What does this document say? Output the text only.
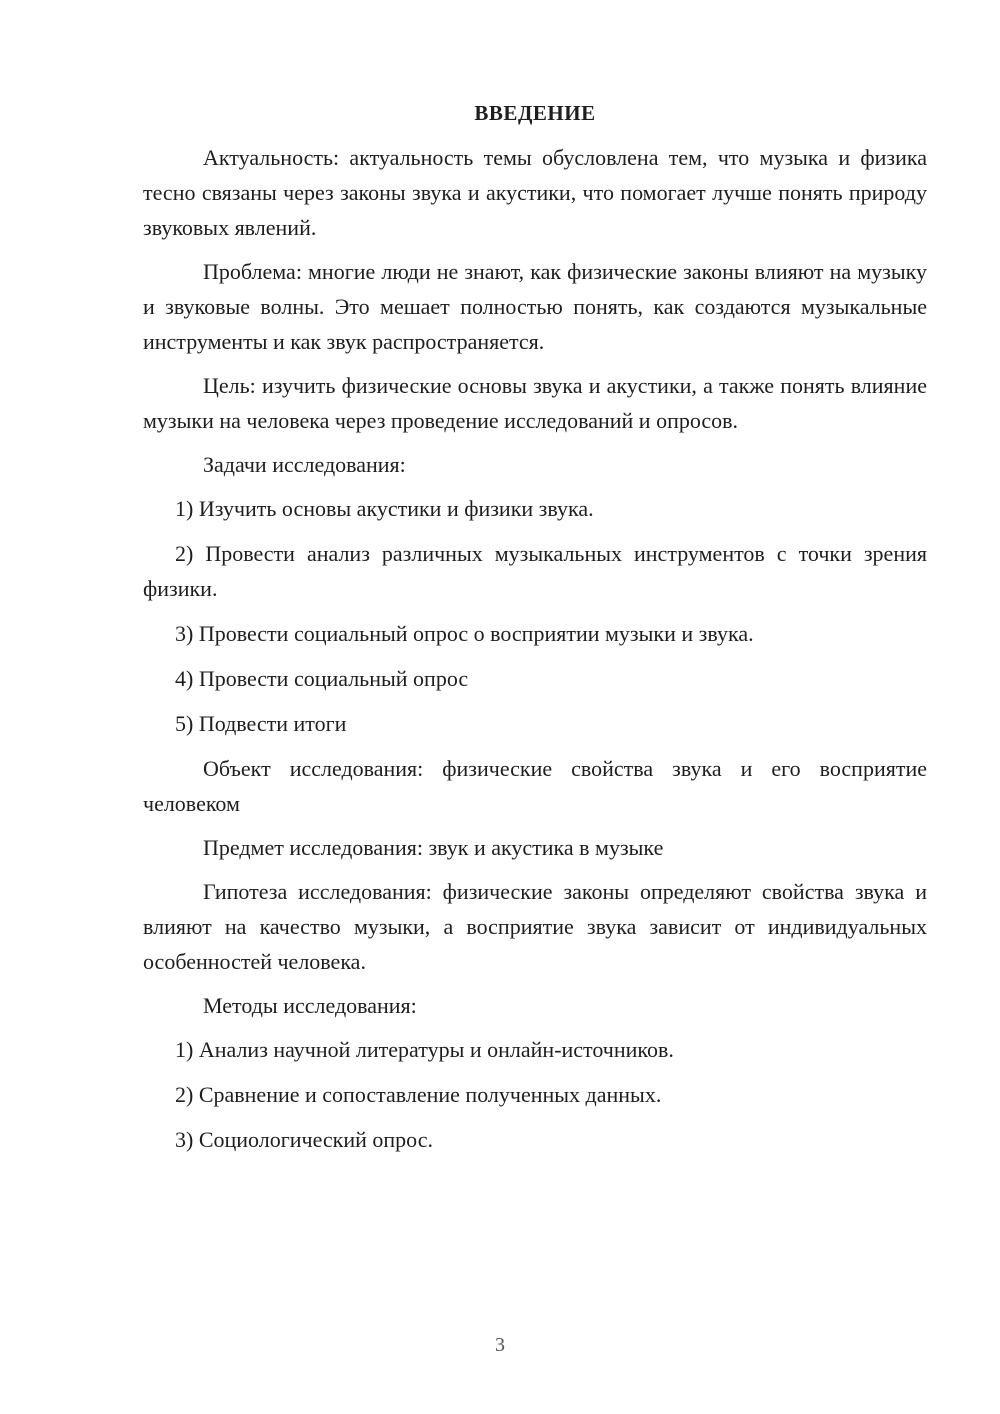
ВВЕДЕНИЕ
Актуальность: актуальность темы обусловлена тем, что музыка и физика тесно связаны через законы звука и акустики, что помогает лучше понять природу звуковых явлений.
Проблема: многие люди не знают, как физические законы влияют на музыку и звуковые волны. Это мешает полностью понять, как создаются музыкальные инструменты и как звук распространяется.
Цель: изучить физические основы звука и акустики, а также понять влияние музыки на человека через проведение исследований и опросов.
Задачи исследования:
1) Изучить основы акустики и физики звука.
2) Провести анализ различных музыкальных инструментов с точки зрения физики.
3) Провести социальный опрос о восприятии музыки и звука.
4) Провести социальный опрос
5) Подвести итоги
Объект исследования: физические свойства звука и его восприятие человеком
Предмет исследования: звук и акустика в музыке
Гипотеза исследования: физические законы определяют свойства звука и влияют на качество музыки, а восприятие звука зависит от индивидуальных особенностей человека.
Методы исследования:
1) Анализ научной литературы и онлайн-источников.
2) Сравнение и сопоставление полученных данных.
3) Социологический опрос.
3
